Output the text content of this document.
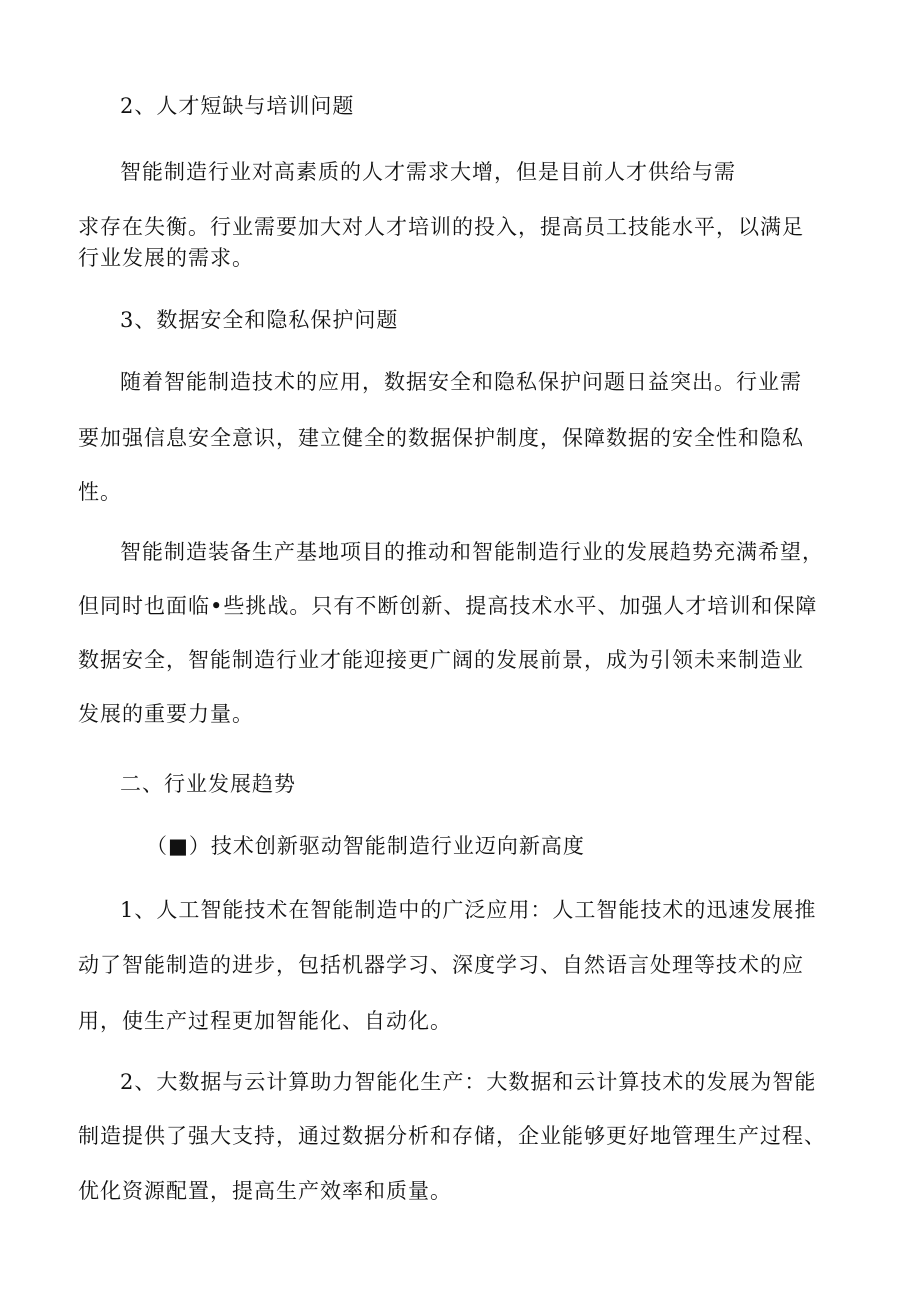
2、人才短缺与培训问题
智能制造行业对高素质的人才需求大增，但是目前人才供给与需
求存在失衡。行业需要加大对人才培训的投入，提高员工技能水平，以满足
行业发展的需求。
3、数据安全和隐私保护问题
随着智能制造技术的应用，数据安全和隐私保护问题日益突出。行业需
要加强信息安全意识，建立健全的数据保护制度，保障数据的安全性和隐私
性。
智能制造装备生产基地项目的推动和智能制造行业的发展趋势充满希望，
但同时也面临•些挑战。只有不断创新、提高技术水平、加强人才培训和保障
数据安全，智能制造行业才能迎接更广阔的发展前景，成为引领未来制造业
发展的重要力量。
二、行业发展趋势
（■）技术创新驱动智能制造行业迈向新高度
1、人工智能技术在智能制造中的广泛应用：人工智能技术的迅速发展推
动了智能制造的进步，包括机器学习、深度学习、自然语言处理等技术的应
用，使生产过程更加智能化、自动化。
2、大数据与云计算助力智能化生产：大数据和云计算技术的发展为智能
制造提供了强大支持，通过数据分析和存储，企业能够更好地管理生产过程、
优化资源配置，提高生产效率和质量。
